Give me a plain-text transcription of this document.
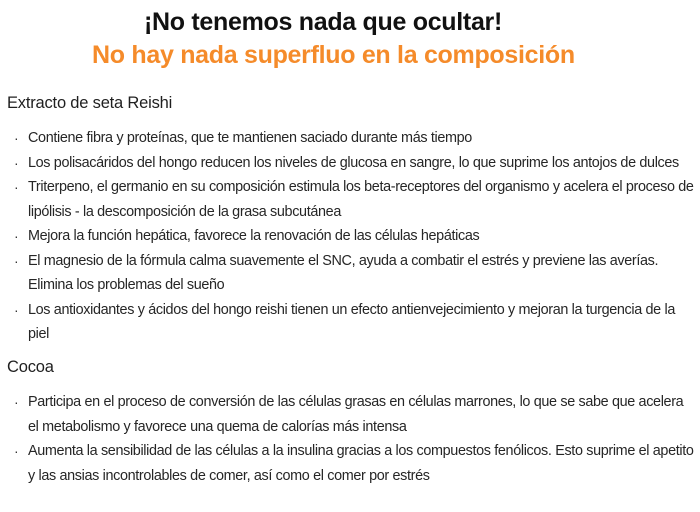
¡No tenemos nada que ocultar!
No hay nada superfluo en la composición
Extracto de seta Reishi
· Contiene fibra y proteínas, que te mantienen saciado durante más tiempo
· Los polisacáridos del hongo reducen los niveles de glucosa en sangre, lo que suprime los antojos de dulces
· Triterpeno, el germanio en su composición estimula los beta-receptores del organismo y acelera el proceso de lipólisis - la descomposición de la grasa subcutánea
· Mejora la función hepática, favorece la renovación de las células hepáticas
· El magnesio de la fórmula calma suavemente el SNC, ayuda a combatir el estrés y previene las averías. Elimina los problemas del sueño
· Los antioxidantes y ácidos del hongo reishi tienen un efecto antienvejecimiento y mejoran la turgencia de la piel
Cocoa
· Participa en el proceso de conversión de las células grasas en células marrones, lo que se sabe que acelera el metabolismo y favorece una quema de calorías más intensa
· Aumenta la sensibilidad de las células a la insulina gracias a los compuestos fenólicos. Esto suprime el apetito y las ansias incontrolables de comer, así como el comer por estrés
